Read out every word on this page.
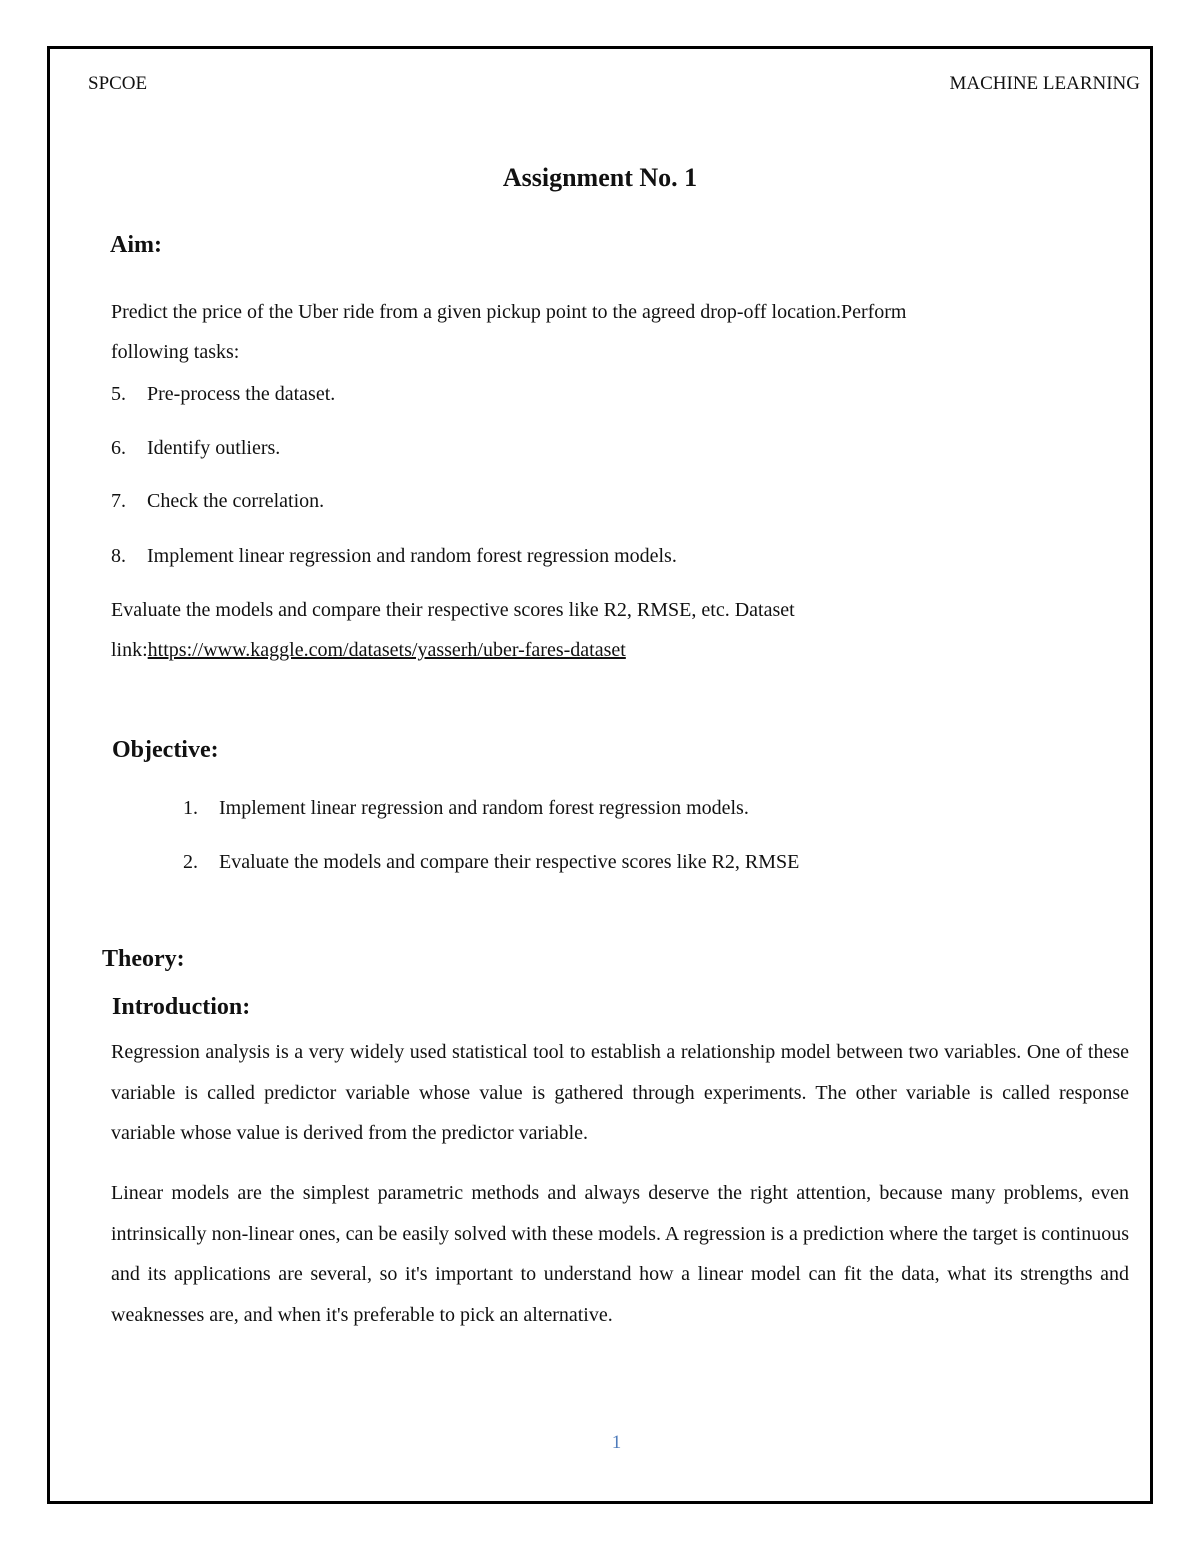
SPCOE	MACHINE LEARNING
Assignment No. 1
Aim:
Predict the price of the Uber ride from a given pickup point to the agreed drop-off location.Perform
following tasks:
5. Pre-process the dataset.
6. Identify outliers.
7. Check the correlation.
8. Implement linear regression and random forest regression models.
Evaluate the models and compare their respective scores like R2, RMSE, etc. Dataset
link:https://www.kaggle.com/datasets/yasserh/uber-fares-dataset
Objective:
1. Implement linear regression and random forest regression models.
2. Evaluate the models and compare their respective scores like R2, RMSE
Theory:
Introduction:
Regression analysis is a very widely used statistical tool to establish a relationship model between two variables. One of these variable is called predictor variable whose value is gathered through experiments. The other variable is called response variable whose value is derived from the predictor variable.
Linear models are the simplest parametric methods and always deserve the right attention, because many problems, even intrinsically non-linear ones, can be easily solved with these models. A regression is a prediction where the target is continuous and its applications are several, so it's important to understand how a linear model can fit the data, what its strengths and weaknesses are, and when it's preferable to pick an alternative.
1
